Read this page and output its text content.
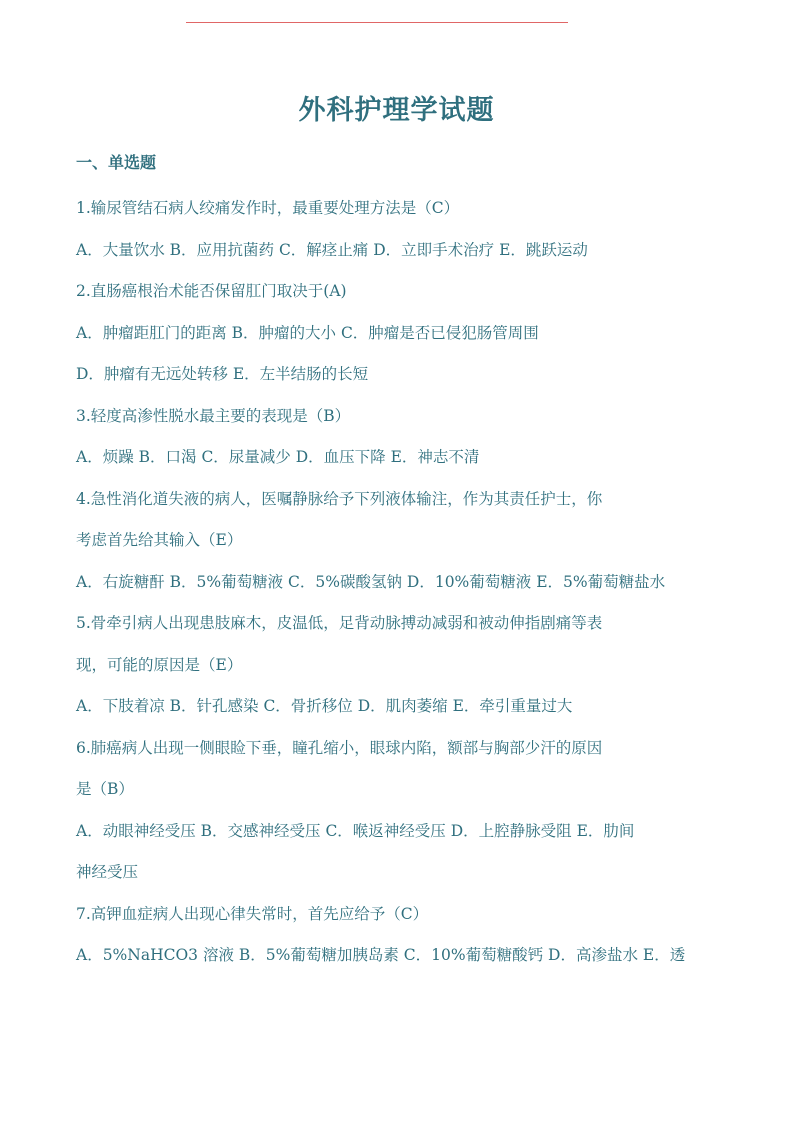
外科护理学试题
一、单选题
1.输尿管结石病人绞痛发作时，最重要处理方法是（C）
A．大量饮水 B．应用抗菌药 C．解痉止痛 D．立即手术治疗 E．跳跃运动
2.直肠癌根治术能否保留肛门取决于(A)
A．肿瘤距肛门的距离 B．肿瘤的大小 C．肿瘤是否已侵犯肠管周围
D．肿瘤有无远处转移 E．左半结肠的长短
3.轻度高渗性脱水最主要的表现是（B）
A．烦躁 B．口渴 C．尿量减少 D．血压下降 E．神志不清
4.急性消化道失液的病人，医嘱静脉给予下列液体输注，作为其责任护士，你
考虑首先给其输入（E）
A．右旋糖酐 B．5%葡萄糖液 C．5%碳酸氢钠 D．10%葡萄糖液 E．5%葡萄糖盐水
5.骨牵引病人出现患肢麻木，皮温低，足背动脉搏动减弱和被动伸指剧痛等表
现，可能的原因是（E）
A．下肢着凉 B．针孔感染 C．骨折移位 D．肌肉萎缩 E．牵引重量过大
6.肺癌病人出现一侧眼睑下垂，瞳孔缩小，眼球内陷，额部与胸部少汗的原因
是（B）
A．动眼神经受压 B．交感神经受压 C．喉返神经受压 D．上腔静脉受阻 E．肋间
神经受压
7.高钾血症病人出现心律失常时，首先应给予（C）
A．5%NaHCO3 溶液 B．5%葡萄糖加胰岛素 C．10%葡萄糖酸钙 D．高渗盐水 E．透
